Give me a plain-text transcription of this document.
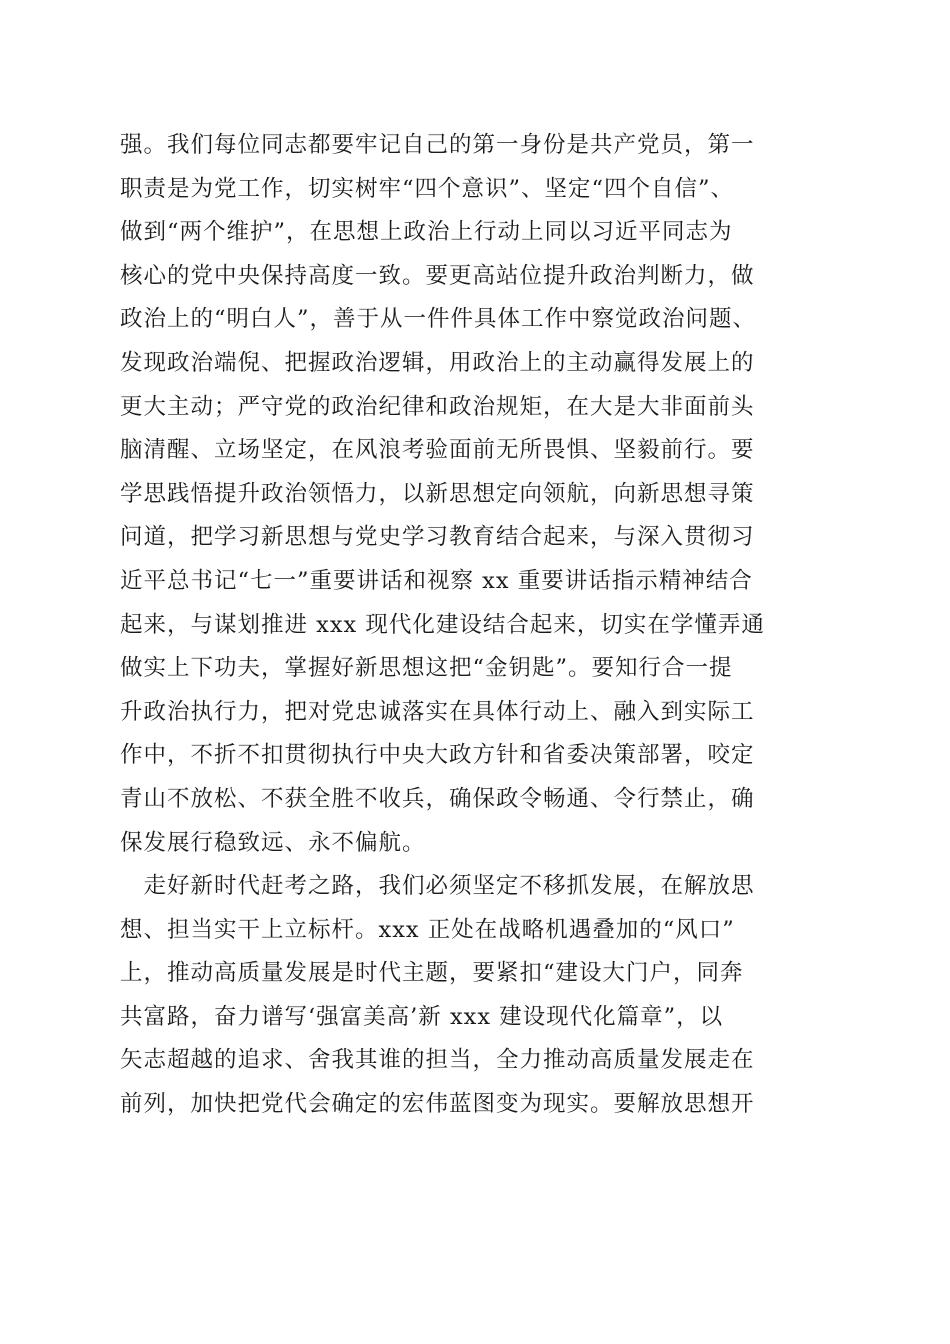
强。我们每位同志都要牢记自己的第一身份是共产党员，第一
职责是为党工作，切实树牢“四个意识”、坚定“四个自信”、
做到“两个维护”，在思想上政治上行动上同以习近平同志为
核心的党中央保持高度一致。要更高站位提升政治判断力，做
政治上的“明白人”，善于从一件件具体工作中察觉政治问题、
发现政治端倪、把握政治逻辑，用政治上的主动赢得发展上的
更大主动；严守党的政治纪律和政治规矩，在大是大非面前头
脑清醒、立场坚定，在风浪考验面前无所畏惧、坚毅前行。要
学思践悟提升政治领悟力，以新思想定向领航，向新思想寻策
问道，把学习新思想与党史学习教育结合起来，与深入贯彻习
近平总书记“七一”重要讲话和视察 xx 重要讲话指示精神结合
起来，与谋划推进 xxx 现代化建设结合起来，切实在学懂弄通
做实上下功夫，掌握好新思想这把“金钥匙”。要知行合一提
升政治执行力，把对党忠诚落实在具体行动上、融入到实际工
作中，不折不扣贯彻执行中央大政方针和省委决策部署，咬定
青山不放松、不获全胜不收兵，确保政令畅通、令行禁止，确
保发展行稳致远、永不偏航。
　走好新时代赶考之路，我们必须坚定不移抓发展，在解放思
想、担当实干上立标杆。xxx 正处在战略机遇叠加的“风口”
上，推动高质量发展是时代主题，要紧扣“建设大门户，同奔
共富路，奋力谱写‘强富美高’新 xxx 建设现代化篇章”，以
矢志超越的追求、舍我其谁的担当，全力推动高质量发展走在
前列，加快把党代会确定的宏伟蓝图变为现实。要解放思想开
